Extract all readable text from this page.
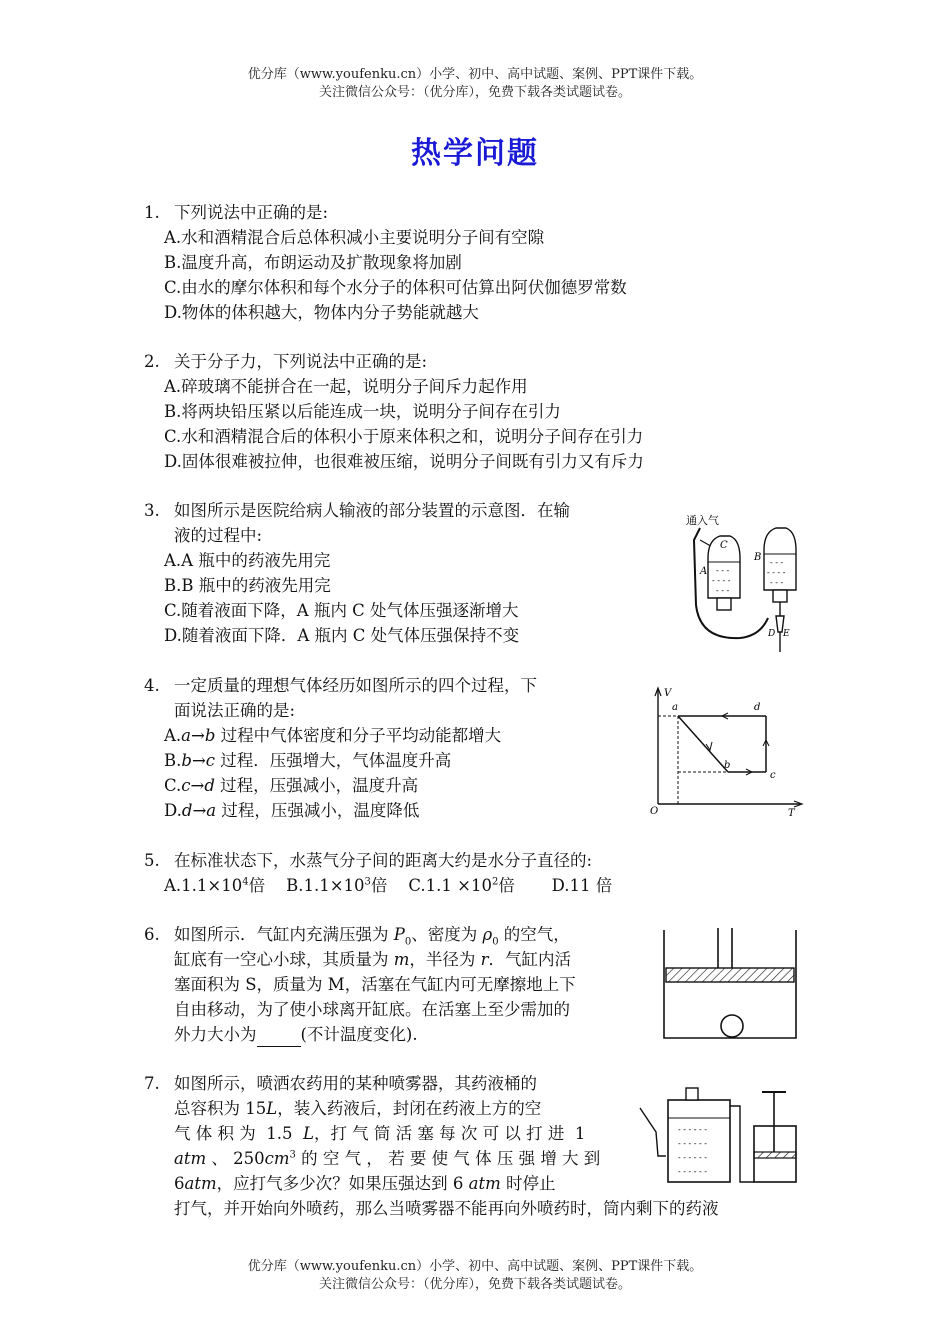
优分库（www.youfenku.cn）小学、初中、高中试题、案例、PPT课件下载。
关注微信公众号：（优分库），免费下载各类试题试卷。
热学问题
1. 下列说法中正确的是:
A.水和酒精混合后总体积减小主要说明分子间有空隙
B.温度升高，布朗运动及扩散现象将加剧
C.由水的摩尔体积和每个水分子的体积可估算出阿伏伽德罗常数
D.物体的体积越大，物体内分子势能就越大
2. 关于分子力，下列说法中正确的是:
A.碎玻璃不能拼合在一起，说明分子间斥力起作用
B.将两块铅压紧以后能连成一块，说明分子间存在引力
C.水和酒精混合后的体积小于原来体积之和，说明分子间存在引力
D.固体很难被拉伸，也很难被压缩，说明分子间既有引力又有斥力
3. 如图所示是医院给病人输液的部分装置的示意图．在输
液的过程中:
A.A 瓶中的药液先用完
B.B 瓶中的药液先用完
C.随着液面下降，A 瓶内 C 处气体压强逐渐增大
D.随着液面下降．A 瓶内 C 处气体压强保持不变
通入气
- - -
- - - -
- - -
C
A
- - -
- - - -
- - -
B
D E
4. 一定质量的理想气体经历如图所示的四个过程，下
面说法正确的是:
A.a→b 过程中气体密度和分子平均动能都增大
B.b→c 过程．压强增大，气体温度升高
C.c→d 过程，压强减小，温度升高
D.d→a 过程，压强减小，温度降低
V
T
O
a
b
c
d
5. 在标准状态下，水蒸气分子间的距离大约是水分子直径的:
$A.1.1\times 10^4$倍 $B.1.1\times 10^3$倍 $C.1.1 \times 10^2$倍 D.11 倍
6. 如图所示．气缸内充满压强为 $P_0$、密度为 $\rho_0$ 的空气，
缸底有一空心小球，其质量为 m，半径为 r．气缸内活
塞面积为 S，质量为 M，活塞在气缸内可无摩擦地上下
自由移动，为了使小球离开缸底。在活塞上至少需加的
外力大小为	(不计温度变化).
7. 如图所示，喷洒农药用的某种喷雾器，其药液桶的
总容积为 15L，装入药液后，封闭在药液上方的空
气 体 积 为  1.5  L，打 气 筒 活 塞 每 次 可 以 打 进  1
atm 、 $250cm^3$ 的 空 气 ， 若 要 使 气 体 压 强 增 大 到
6atm，应打气多少次？如果压强达到 6 atm 时停止
打气，并开始向外喷药，那么当喷雾器不能再向外喷药时，筒内剩下的药液
- - - - - -
- - - - - -
- - - - - -
- - - - - -
优分库（www.youfenku.cn）小学、初中、高中试题、案例、PPT课件下载。
关注微信公众号：（优分库），免费下载各类试题试卷。
